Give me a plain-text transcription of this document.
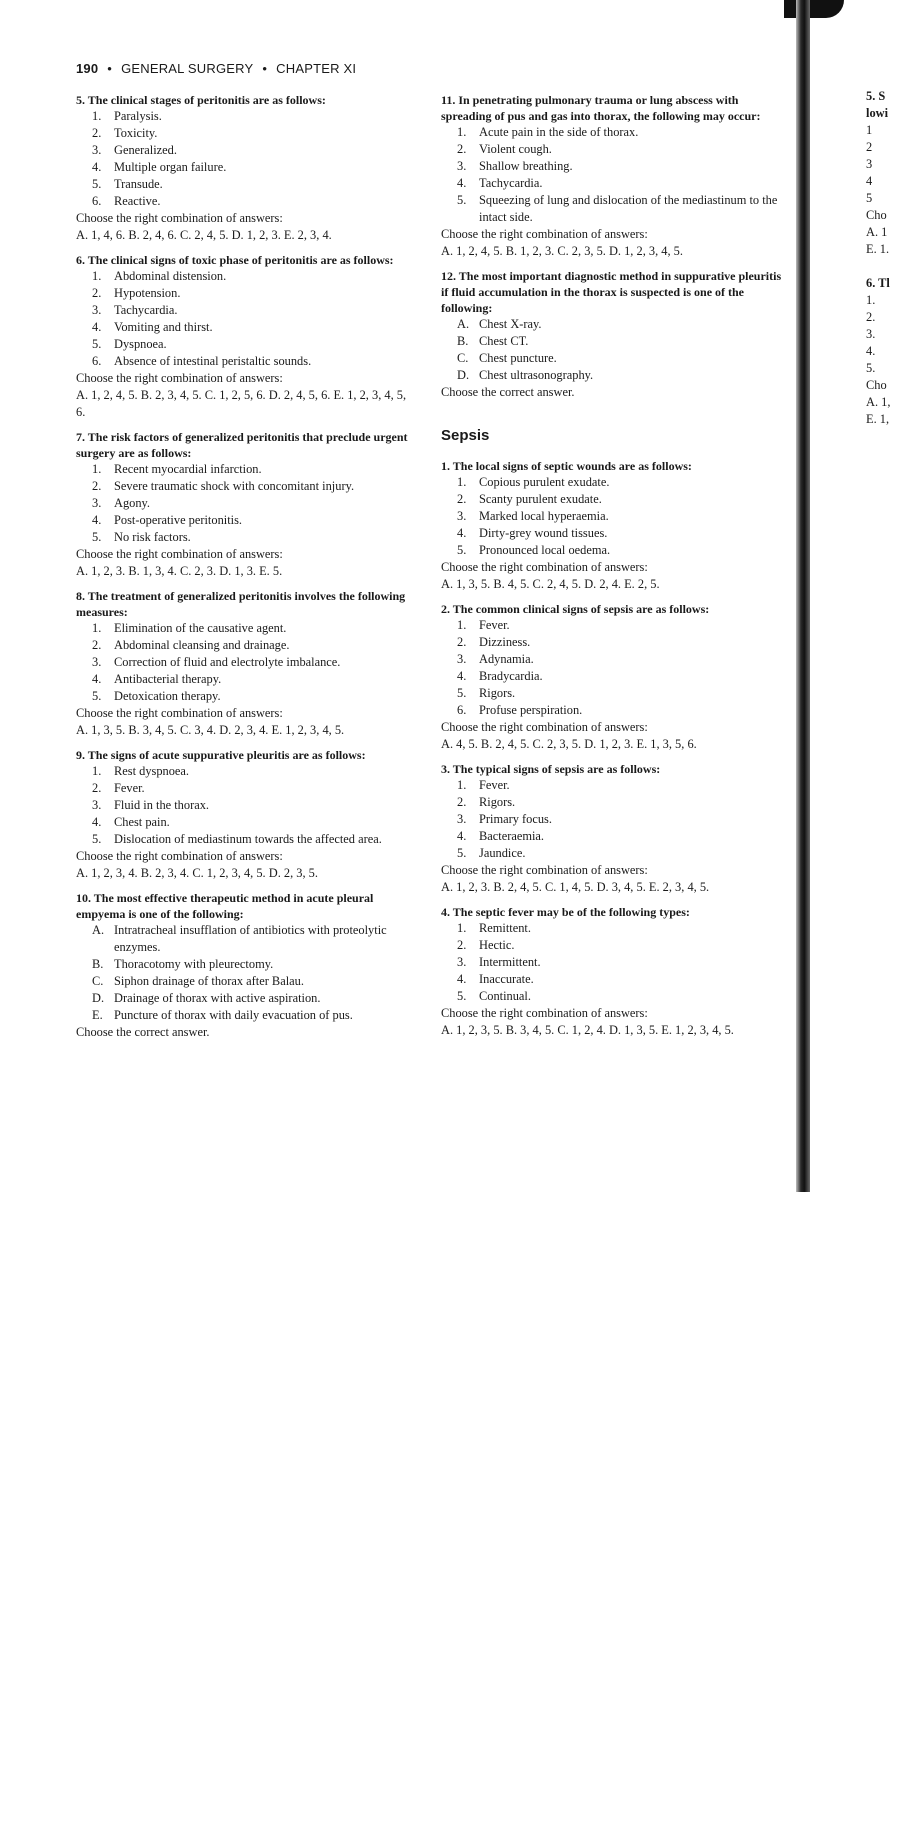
190 • GENERAL SURGERY • CHAPTER XI
5. The clinical stages of peritonitis are as follows:
1.	Paralysis.
2.	Toxicity.
3.	Generalized.
4.	Multiple organ failure.
5.	Transude.
6.	Reactive.
Choose the right combination of answers:
A. 1, 4, 6. B. 2, 4, 6. C. 2, 4, 5. D. 1, 2, 3. E. 2, 3, 4.
6. The clinical signs of toxic phase of peritonitis are as follows:
1.	Abdominal distension.
2.	Hypotension.
3.	Tachycardia.
4.	Vomiting and thirst.
5.	Dyspnoea.
6.	Absence of intestinal peristaltic sounds.
Choose the right combination of answers:
A. 1, 2, 4, 5. B. 2, 3, 4, 5. C. 1, 2, 5, 6. D. 2, 4, 5, 6. E. 1, 2, 3, 4, 5, 6.
7. The risk factors of generalized peritonitis that preclude urgent surgery are as follows:
1.	Recent myocardial infarction.
2.	Severe traumatic shock with concomitant injury.
3.	Agony.
4.	Post-operative peritonitis.
5.	No risk factors.
Choose the right combination of answers:
A. 1, 2, 3. B. 1, 3, 4. C. 2, 3. D. 1, 3. E. 5.
8. The treatment of generalized peritonitis involves the following measures:
1.	Elimination of the causative agent.
2.	Abdominal cleansing and drainage.
3.	Correction of fluid and electrolyte imbalance.
4.	Antibacterial therapy.
5.	Detoxication therapy.
Choose the right combination of answers:
A. 1, 3, 5. B. 3, 4, 5. C. 3, 4. D. 2, 3, 4. E. 1, 2, 3, 4, 5.
9. The signs of acute suppurative pleuritis are as follows:
1.	Rest dyspnoea.
2.	Fever.
3.	Fluid in the thorax.
4.	Chest pain.
5.	Dislocation of mediastinum towards the affected area.
Choose the right combination of answers:
A. 1, 2, 3, 4. B. 2, 3, 4. C. 1, 2, 3, 4, 5. D. 2, 3, 5.
10. The most effective therapeutic method in acute pleural empyema is one of the following:
A. Intratracheal insufflation of antibiotics with proteolytic enzymes.
B. Thoracotomy with pleurectomy.
C. Siphon drainage of thorax after Balau.
D. Drainage of thorax with active aspiration.
E. Puncture of thorax with daily evacuation of pus.
Choose the correct answer.
11. In penetrating pulmonary trauma or lung abscess with spreading of pus and gas into thorax, the following may occur:
1.	Acute pain in the side of thorax.
2.	Violent cough.
3.	Shallow breathing.
4.	Tachycardia.
5.	Squeezing of lung and dislocation of the mediastinum to the intact side.
Choose the right combination of answers:
A. 1, 2, 4, 5. B. 1, 2, 3. C. 2, 3, 5. D. 1, 2, 3, 4, 5.
12. The most important diagnostic method in suppurative pleuritis if fluid accumulation in the thorax is suspected is one of the following:
A. Chest X-ray.
B. Chest CT.
C. Chest puncture.
D. Chest ultrasonography.
Choose the correct answer.
Sepsis
1. The local signs of septic wounds are as follows:
1.	Copious purulent exudate.
2.	Scanty purulent exudate.
3.	Marked local hyperaemia.
4.	Dirty-grey wound tissues.
5.	Pronounced local oedema.
Choose the right combination of answers:
A. 1, 3, 5. B. 4, 5. C. 2, 4, 5. D. 2, 4. E. 2, 5.
2. The common clinical signs of sepsis are as follows:
1.	Fever.
2.	Dizziness.
3.	Adynamia.
4.	Bradycardia.
5.	Rigors.
6.	Profuse perspiration.
Choose the right combination of answers:
A. 4, 5. B. 2, 4, 5. C. 2, 3, 5. D. 1, 2, 3. E. 1, 3, 5, 6.
3. The typical signs of sepsis are as follows:
1.	Fever.
2.	Rigors.
3.	Primary focus.
4.	Bacteraemia.
5.	Jaundice.
Choose the right combination of answers:
A. 1, 2, 3. B. 2, 4, 5. C. 1, 4, 5. D. 3, 4, 5. E. 2, 3, 4, 5.
4. The septic fever may be of the following types:
1.	Remittent.
2.	Hectic.
3.	Intermittent.
4.	Inaccurate.
5.	Continual.
Choose the right combination of answers:
A. 1, 2, 3, 5. B. 3, 4, 5. C. 1, 2, 4. D. 1, 3, 5. E. 1, 2, 3, 4, 5.
5. S
lowi
1
2
3
4
5
Cho
A. 1
E. 1.
6. Tl
1.
2.
3.
4.
5.
Cho
A. 1,
E. 1,
